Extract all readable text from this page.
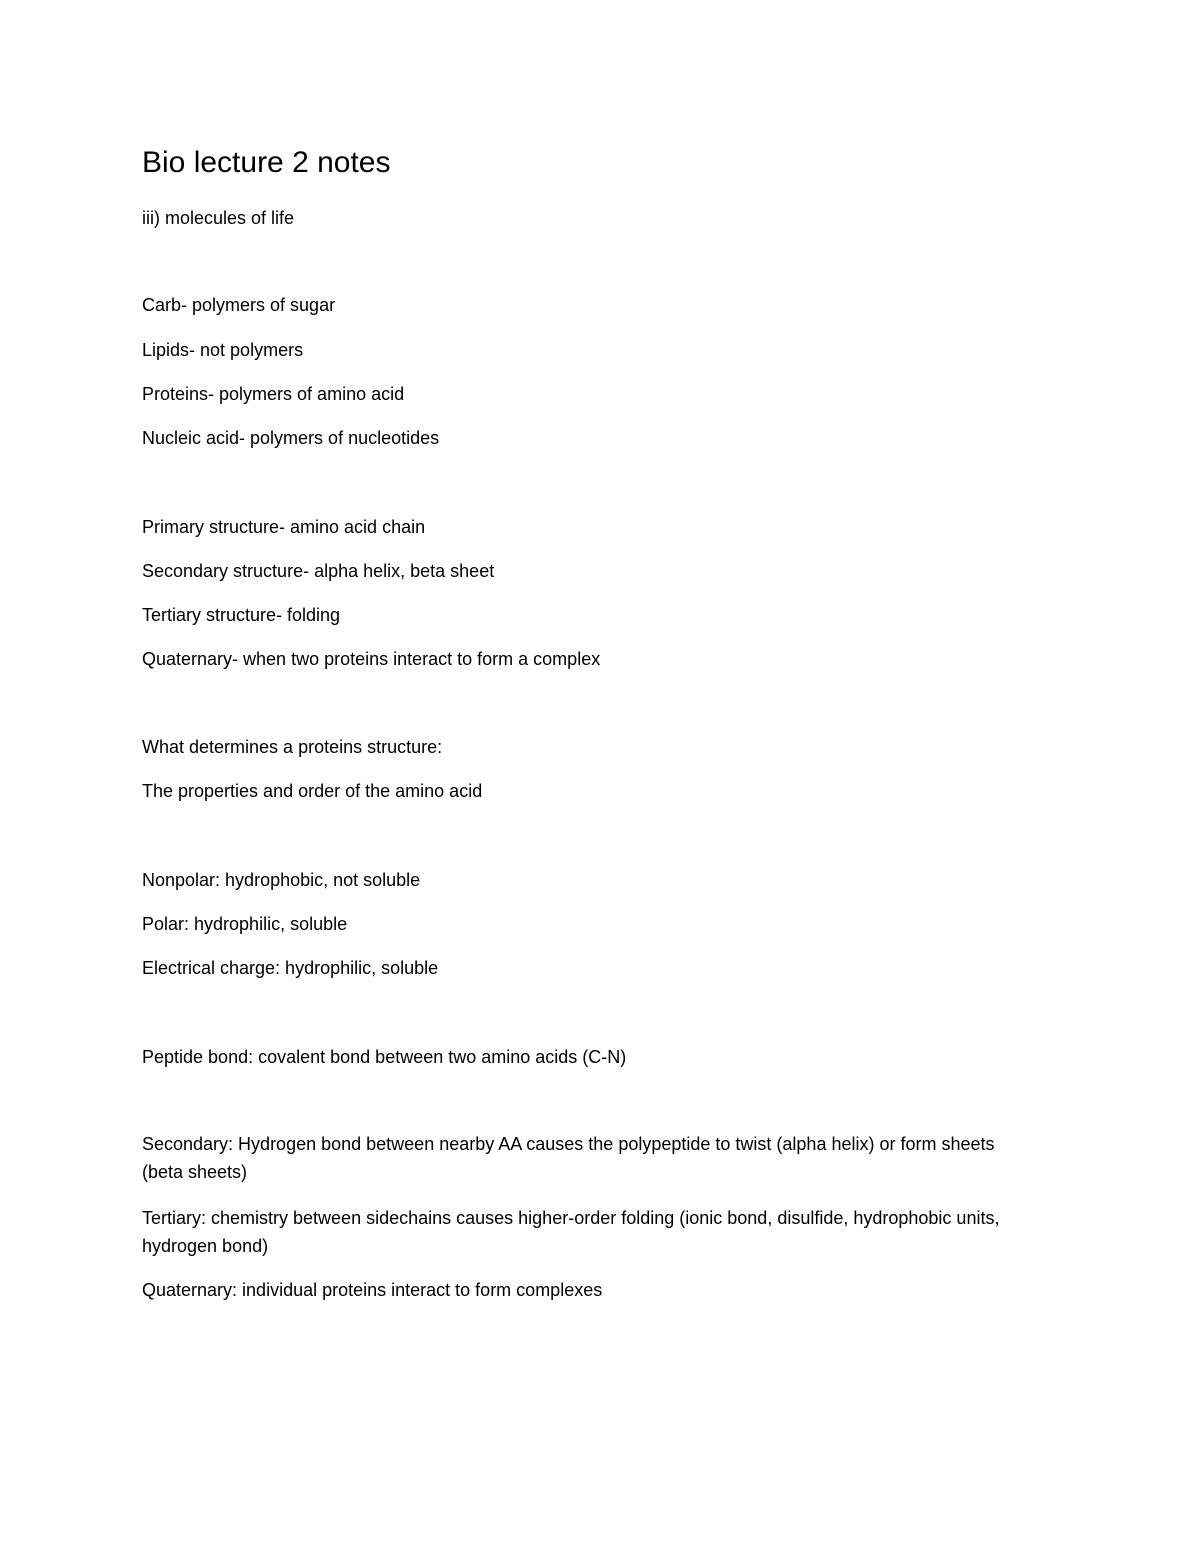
Bio lecture 2 notes
iii) molecules of life
Carb- polymers of sugar
Lipids- not polymers
Proteins- polymers of amino acid
Nucleic acid- polymers of nucleotides
Primary structure- amino acid chain
Secondary structure- alpha helix, beta sheet
Tertiary structure- folding
Quaternary- when two proteins interact to form a complex
What determines a proteins structure:
The properties and order of the amino acid
Nonpolar: hydrophobic, not soluble
Polar: hydrophilic, soluble
Electrical charge: hydrophilic, soluble
Peptide bond: covalent bond between two amino acids (C-N)
Secondary: Hydrogen bond between nearby AA causes the polypeptide to twist (alpha helix) or form sheets (beta sheets)
Tertiary: chemistry between sidechains causes higher-order folding (ionic bond, disulfide, hydrophobic units, hydrogen bond)
Quaternary: individual proteins interact to form complexes
